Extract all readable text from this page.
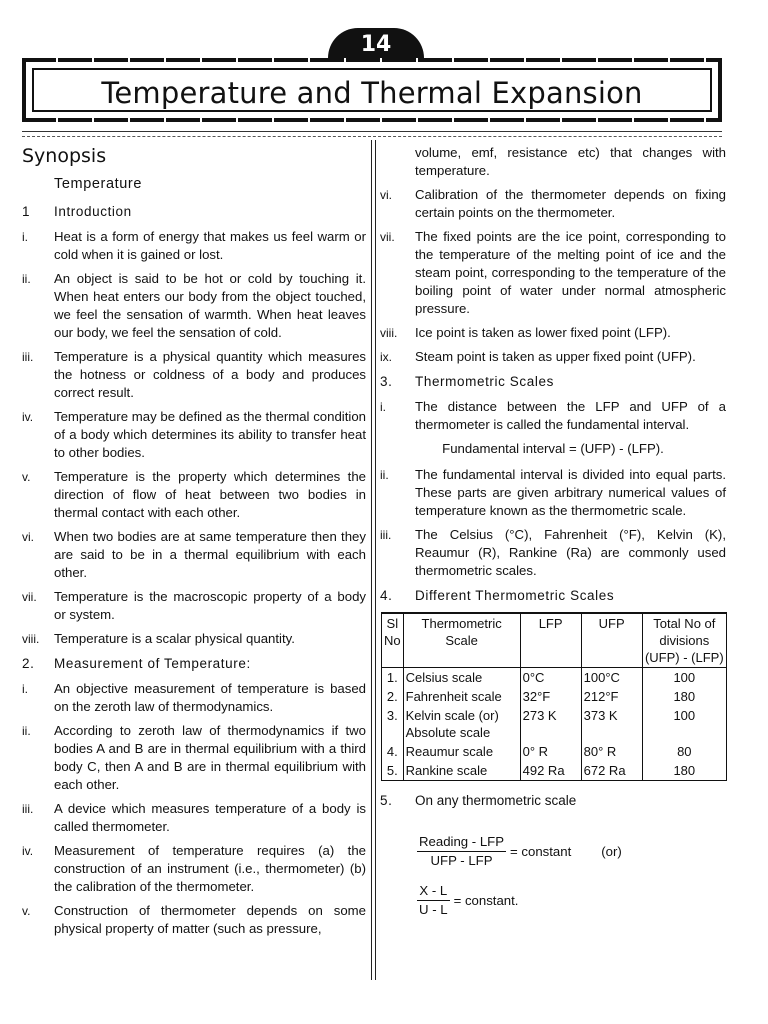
14
Temperature and Thermal Expansion
Synopsis
Temperature
1	Introduction
i.	Heat is a form of energy that makes us feel warm or cold when it is gained or lost.
ii.	An object is said to be hot or cold by touching it. When heat enters our body from the object touched, we feel the sensation of warmth. When heat leaves our body, we feel the sensation of cold.
iii.	Temperature is a physical quantity which measures the hotness or coldness of a body and produces correct result.
iv.	Temperature may be defined as the thermal condition of a body which determines its ability to transfer heat to other bodies.
v.	Temperature is the property which determines the direction of flow of heat between two bodies in thermal contact with each other.
vi.	When two bodies are at same temperature then they are said to be in a thermal equilibrium with each other.
vii.	Temperature is the macroscopic property of a body or system.
viii.	Temperature is a scalar physical quantity.
2.	Measurement of Temperature:
i.	An objective measurement of temperature is based on the zeroth law of thermodynamics.
ii.	According to zeroth law of thermodynamics if two bodies A and B are in thermal equilibrium with a third body C, then A and B are in thermal equilibrium with each other.
iii.	A device which measures temperature of a body is called thermometer.
iv.	Measurement of temperature requires (a) the construction of an instrument (i.e., thermometer) (b) the calibration of the thermometer.
v.	Construction of thermometer depends on some physical property of matter (such as pressure,
volume, emf, resistance etc) that changes with temperature.
vi.	Calibration of the thermometer depends on fixing certain points on the thermometer.
vii.	The fixed points are the ice point, corresponding to the temperature of the melting point of ice and the steam point, corresponding to the temperature of the boiling point of water under normal atmospheric pressure.
viii.	Ice point is taken as lower fixed point (LFP).
ix.	Steam point is taken as upper fixed point (UFP).
3.	Thermometric Scales
i.	The distance between the LFP and UFP of a thermometer is called the fundamental interval.
Fundamental interval = (UFP) - (LFP).
ii.	The fundamental interval is divided into equal parts. These parts are given arbitrary numerical values of temperature known as the thermometric scale.
iii.	The Celsius (°C), Fahrenheit (°F), Kelvin (K), Reaumur (R), Rankine (Ra) are commonly used thermometric scales.
4.	Different Thermometric Scales
Sl No	Thermometric Scale	LFP	UFP	Total No of divisions (UFP) - (LFP)
1.	Celsius scale	0°C	100°C	100
2.	Fahrenheit scale	32°F	212°F	180
3.	Kelvin scale (or) Absolute scale	273 K	373 K	100
4.	Reaumur scale	0° R	80° R	80
5.	Rankine scale	492 Ra	672 Ra	180
5.	On any thermometric scale
$\frac{\text{Reading - LFP}}{\text{UFP - LFP}}$ = constant (or)
$\frac{X - L}{U - L}$ = constant.
